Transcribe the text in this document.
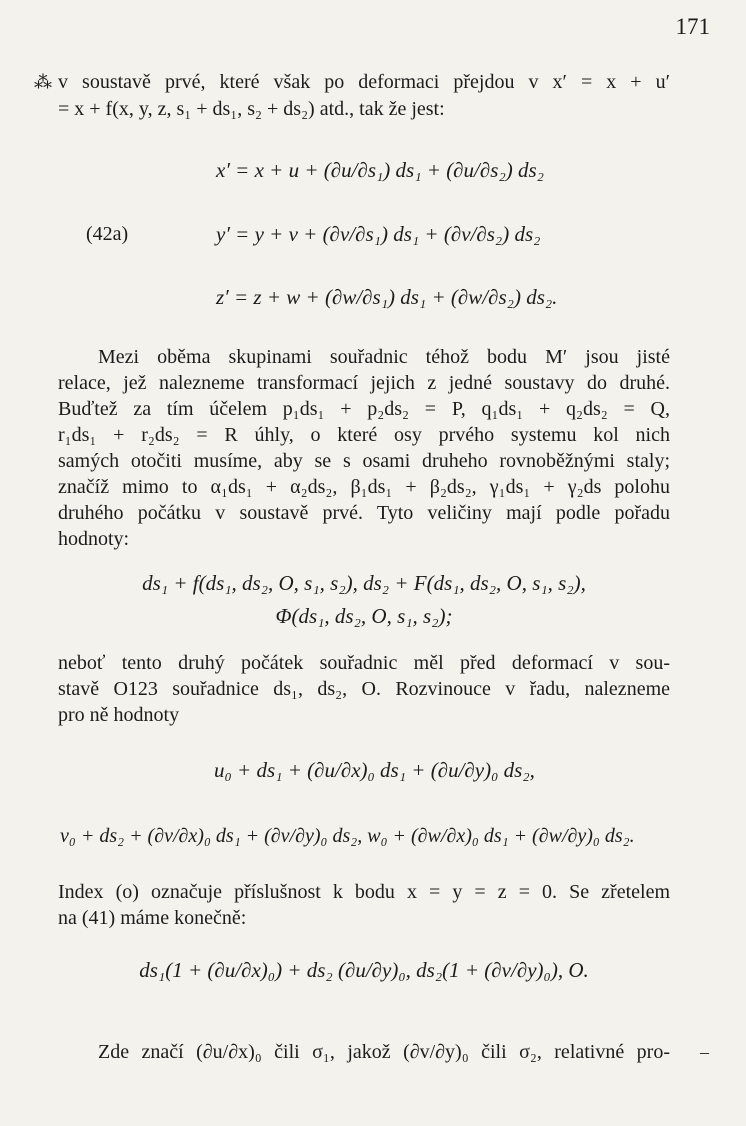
171
⁂ v soustavě prvé, které však po deformaci přejdou v x′ = x + u′
= x + f(x, y, z, s₁ + ds₁, s₂ + ds₂) atd., tak že jest:
x′ = x + u + (∂u/∂s₁) ds₁ + (∂u/∂s₂) ds₂
(42a)	y′ = y + v + (∂v/∂s₁) ds₁ + (∂v/∂s₂) ds₂
z′ = z + w + (∂w/∂s₁) ds₁ + (∂w/∂s₂) ds₂.
Mezi oběma skupinami souřadnic téhož bodu M′ jsou jisté
relace, jež nalezneme transformací jejich z jedné soustavy do druhé.
Buďtež za tím účelem p₁ds₁ + p₂ds₂ = P, q₁ds₁ + q₂ds₂ = Q,
r₁ds₁ + r₂ds₂ = R úhly, o které osy prvého systemu kol nich
samých otočiti musíme, aby se s osami druheho rovnoběžnými staly;
značíž mimo to α₁ds₁ + α₂ds₂, β₁ds₁ + β₂ds₂, γ₁ds₁ + γ₂ds polohu
druhého počátku v soustavě prvé. Tyto veličiny mají podle pořadu
hodnoty:
ds₁ + f(ds₁, ds₂, O, s₁, s₂), ds₂ + F(ds₁, ds₂, O, s₁, s₂),
Φ(ds₁, ds₂, O, s₁, s₂);
neboť tento druhý počátek souřadnic měl před deformací v sou-
stavě O123 souřadnice ds₁, ds₂, O. Rozvinouce v řadu, nalezneme
pro ně hodnoty
u₀ + ds₁ + (∂u/∂x)₀ ds₁ + (∂u/∂y)₀ ds₂,
v₀ + ds₂ + (∂v/∂x)₀ ds₁ + (∂v/∂y)₀ ds₂, w₀ + (∂w/∂x)₀ ds₁ + (∂w/∂y)₀ ds₂.
Index (o) označuje příslušnost k bodu x = y = z = 0. Se zřetelem
na (41) máme konečně:
ds₁(1 + (∂u/∂x)₀) + ds₂ (∂u/∂y)₀, ds₂(1 + (∂v/∂y)₀), O.
Zde značí (∂u/∂x)₀ čili σ₁, jakož (∂v/∂y)₀ čili σ₂, relativné pro- –
